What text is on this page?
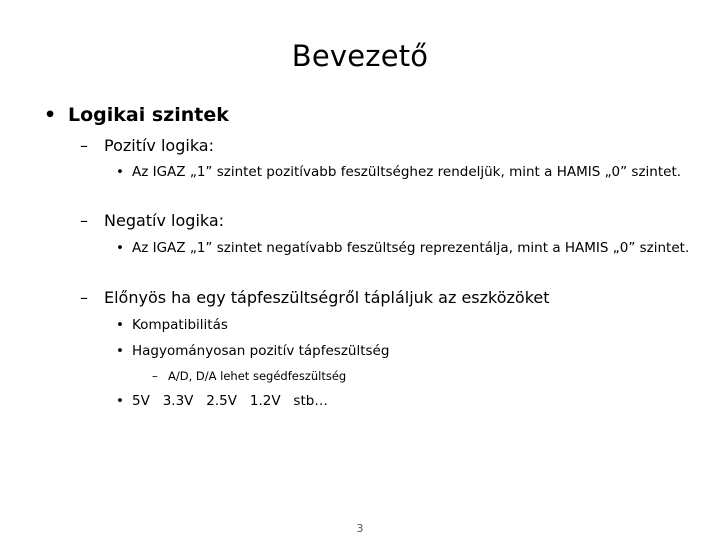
Bevezető
• Logikai szintek
– Pozitív logika:
• Az IGAZ „1” szintet pozitívabb feszültséghez rendeljük, mint a HAMIS „0” szintet.
– Negatív logika:
• Az IGAZ „1” szintet negatívabb feszültség reprezentálja, mint a HAMIS „0” szintet.
– Előnyös ha egy tápfeszültségről tápláljuk az eszközöket
• Kompatibilitás
• Hagyományosan pozitív tápfeszültség
– A/D, D/A lehet segédfeszültség
• 5V   3.3V   2.5V   1.2V   stb…
3
